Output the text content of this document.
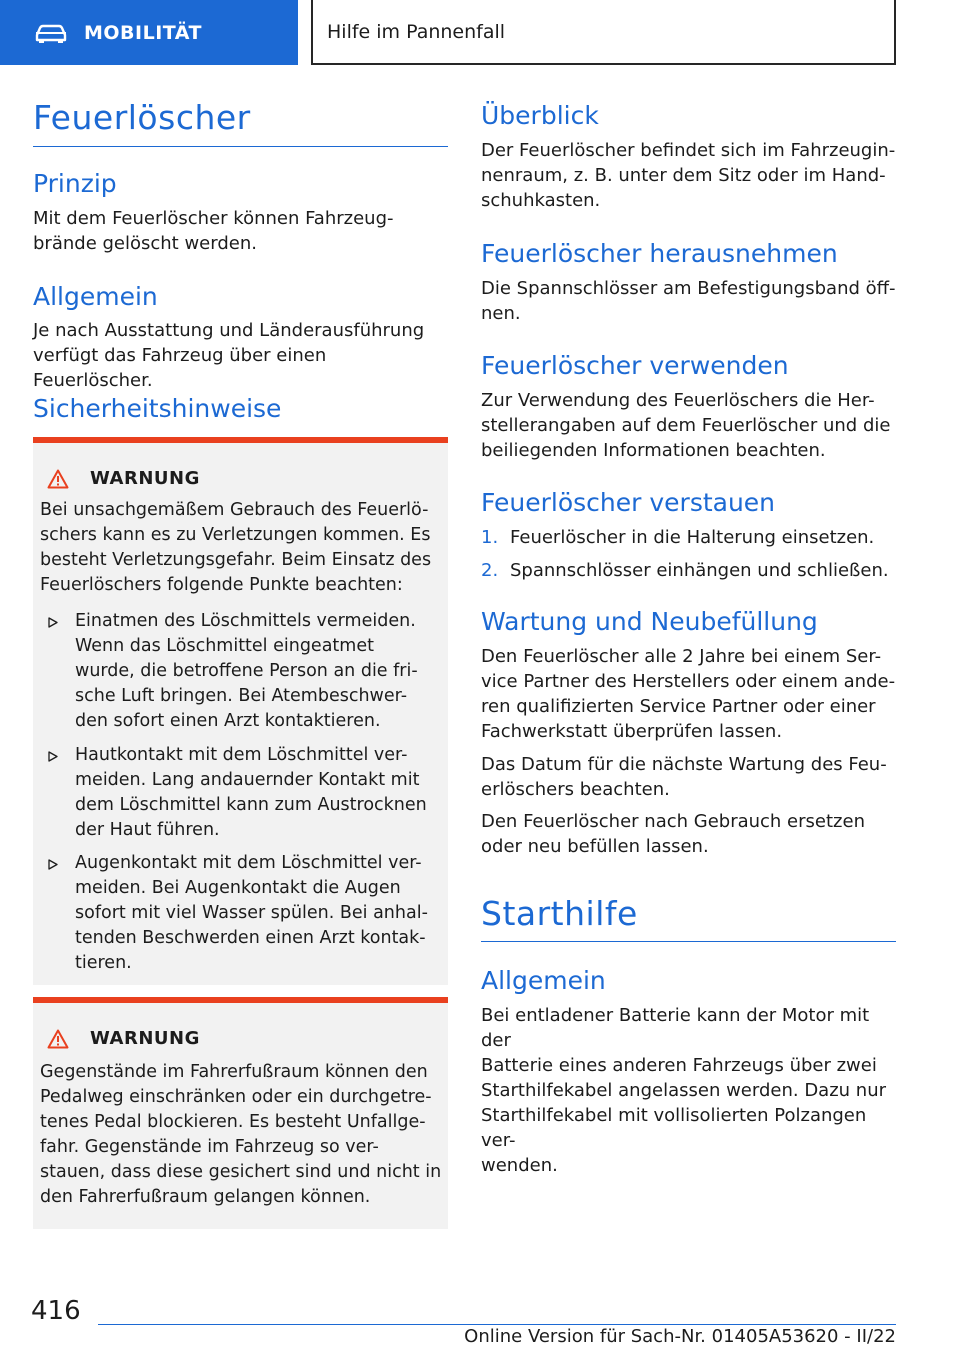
MOBILITÄT	Hilfe im Pannenfall
Feuerlöscher
Prinzip
Mit dem Feuerlöscher können Fahrzeug-
brände gelöscht werden.
Allgemein
Je nach Ausstattung und Länderausführung
verfügt das Fahrzeug über einen Feuerlöscher.
Sicherheitshinweise
WARNUNG
Bei unsachgemäßem Gebrauch des Feuerlö-
schers kann es zu Verletzungen kommen. Es
besteht Verletzungsgefahr. Beim Einsatz des
Feuerlöschers folgende Punkte beachten:
Einatmen des Löschmittels vermeiden.
Wenn das Löschmittel eingeatmet
wurde, die betroffene Person an die fri-
sche Luft bringen. Bei Atembeschwer-
den sofort einen Arzt kontaktieren.
Hautkontakt mit dem Löschmittel ver-
meiden. Lang andauernder Kontakt mit
dem Löschmittel kann zum Austrocknen
der Haut führen.
Augenkontakt mit dem Löschmittel ver-
meiden. Bei Augenkontakt die Augen
sofort mit viel Wasser spülen. Bei anhal-
tenden Beschwerden einen Arzt kontak-
tieren.
WARNUNG
Gegenstände im Fahrerfußraum können den
Pedalweg einschränken oder ein durchgetre-
tenes Pedal blockieren. Es besteht Unfallge-
fahr. Gegenstände im Fahrzeug so ver-
stauen, dass diese gesichert sind und nicht in
den Fahrerfußraum gelangen können.
Überblick
Der Feuerlöscher befindet sich im Fahrzeugin-
nenraum, z. B. unter dem Sitz oder im Hand-
schuhkasten.
Feuerlöscher herausnehmen
Die Spannschlösser am Befestigungsband öff-
nen.
Feuerlöscher verwenden
Zur Verwendung des Feuerlöschers die Her-
stellerangaben auf dem Feuerlöscher und die
beiliegenden Informationen beachten.
Feuerlöscher verstauen
1. Feuerlöscher in die Halterung einsetzen.
2. Spannschlösser einhängen und schließen.
Wartung und Neubefüllung
Den Feuerlöscher alle 2 Jahre bei einem Ser-
vice Partner des Herstellers oder einem ande-
ren qualifizierten Service Partner oder einer
Fachwerkstatt überprüfen lassen.
Das Datum für die nächste Wartung des Feu-
erlöschers beachten.
Den Feuerlöscher nach Gebrauch ersetzen
oder neu befüllen lassen.
Starthilfe
Allgemein
Bei entladener Batterie kann der Motor mit der
Batterie eines anderen Fahrzeugs über zwei
Starthilfekabel angelassen werden. Dazu nur
Starthilfekabel mit vollisolierten Polzangen ver-
wenden.
416
Online Version für Sach-Nr. 01405A53620 - II/22
